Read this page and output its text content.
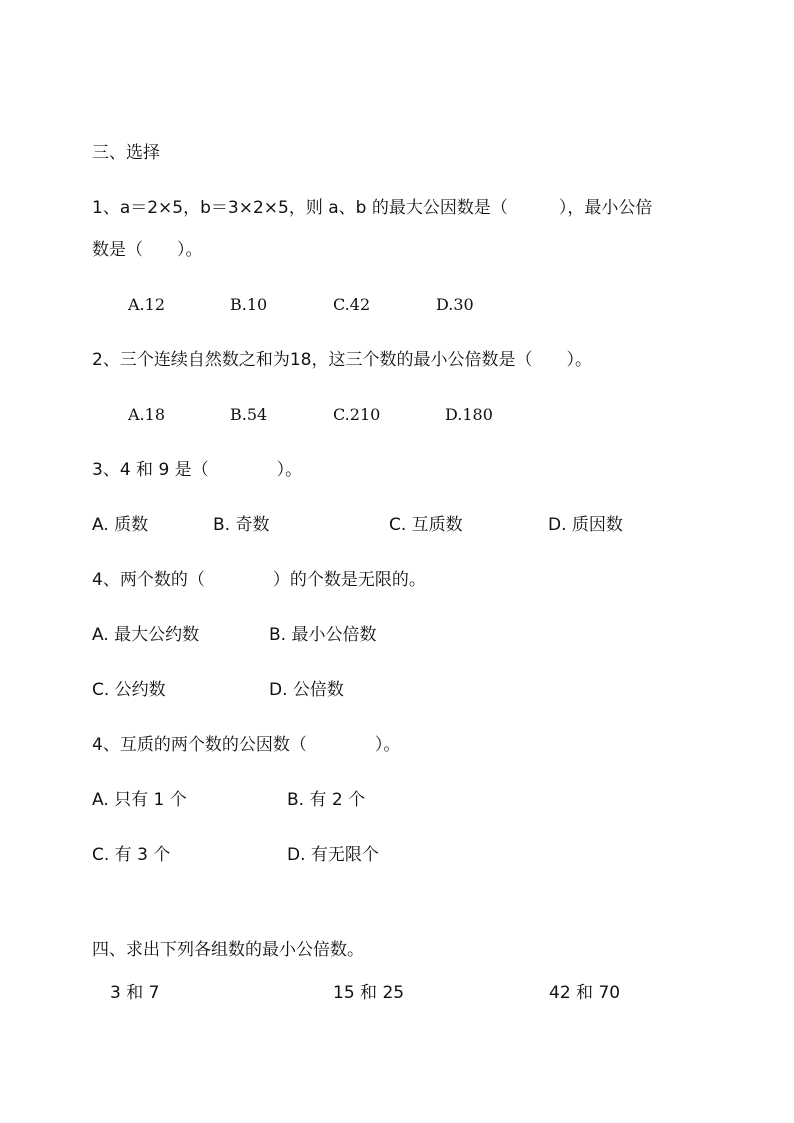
三、选择
1、a＝2×5，b＝3×2×5，则 a、b 的最大公因数是（　　　），最小公倍
数是（　　）。
A.12	B.10	C.42	D.30
2、三个连续自然数之和为18，这三个数的最小公倍数是（　　）。
A.18	B.54	C.210	D.180
3、4 和 9 是（　　　　）。
A. 质数	B. 奇数	C. 互质数	D. 质因数
4、两个数的（　　　　）的个数是无限的。
A. 最大公约数	B. 最小公倍数
C. 公约数	D. 公倍数
4、互质的两个数的公因数（　　　　）。
A. 只有 1 个	B. 有 2 个
C. 有 3 个	D. 有无限个
四、求出下列各组数的最小公倍数。
3 和 7	15 和 25	42 和 70
